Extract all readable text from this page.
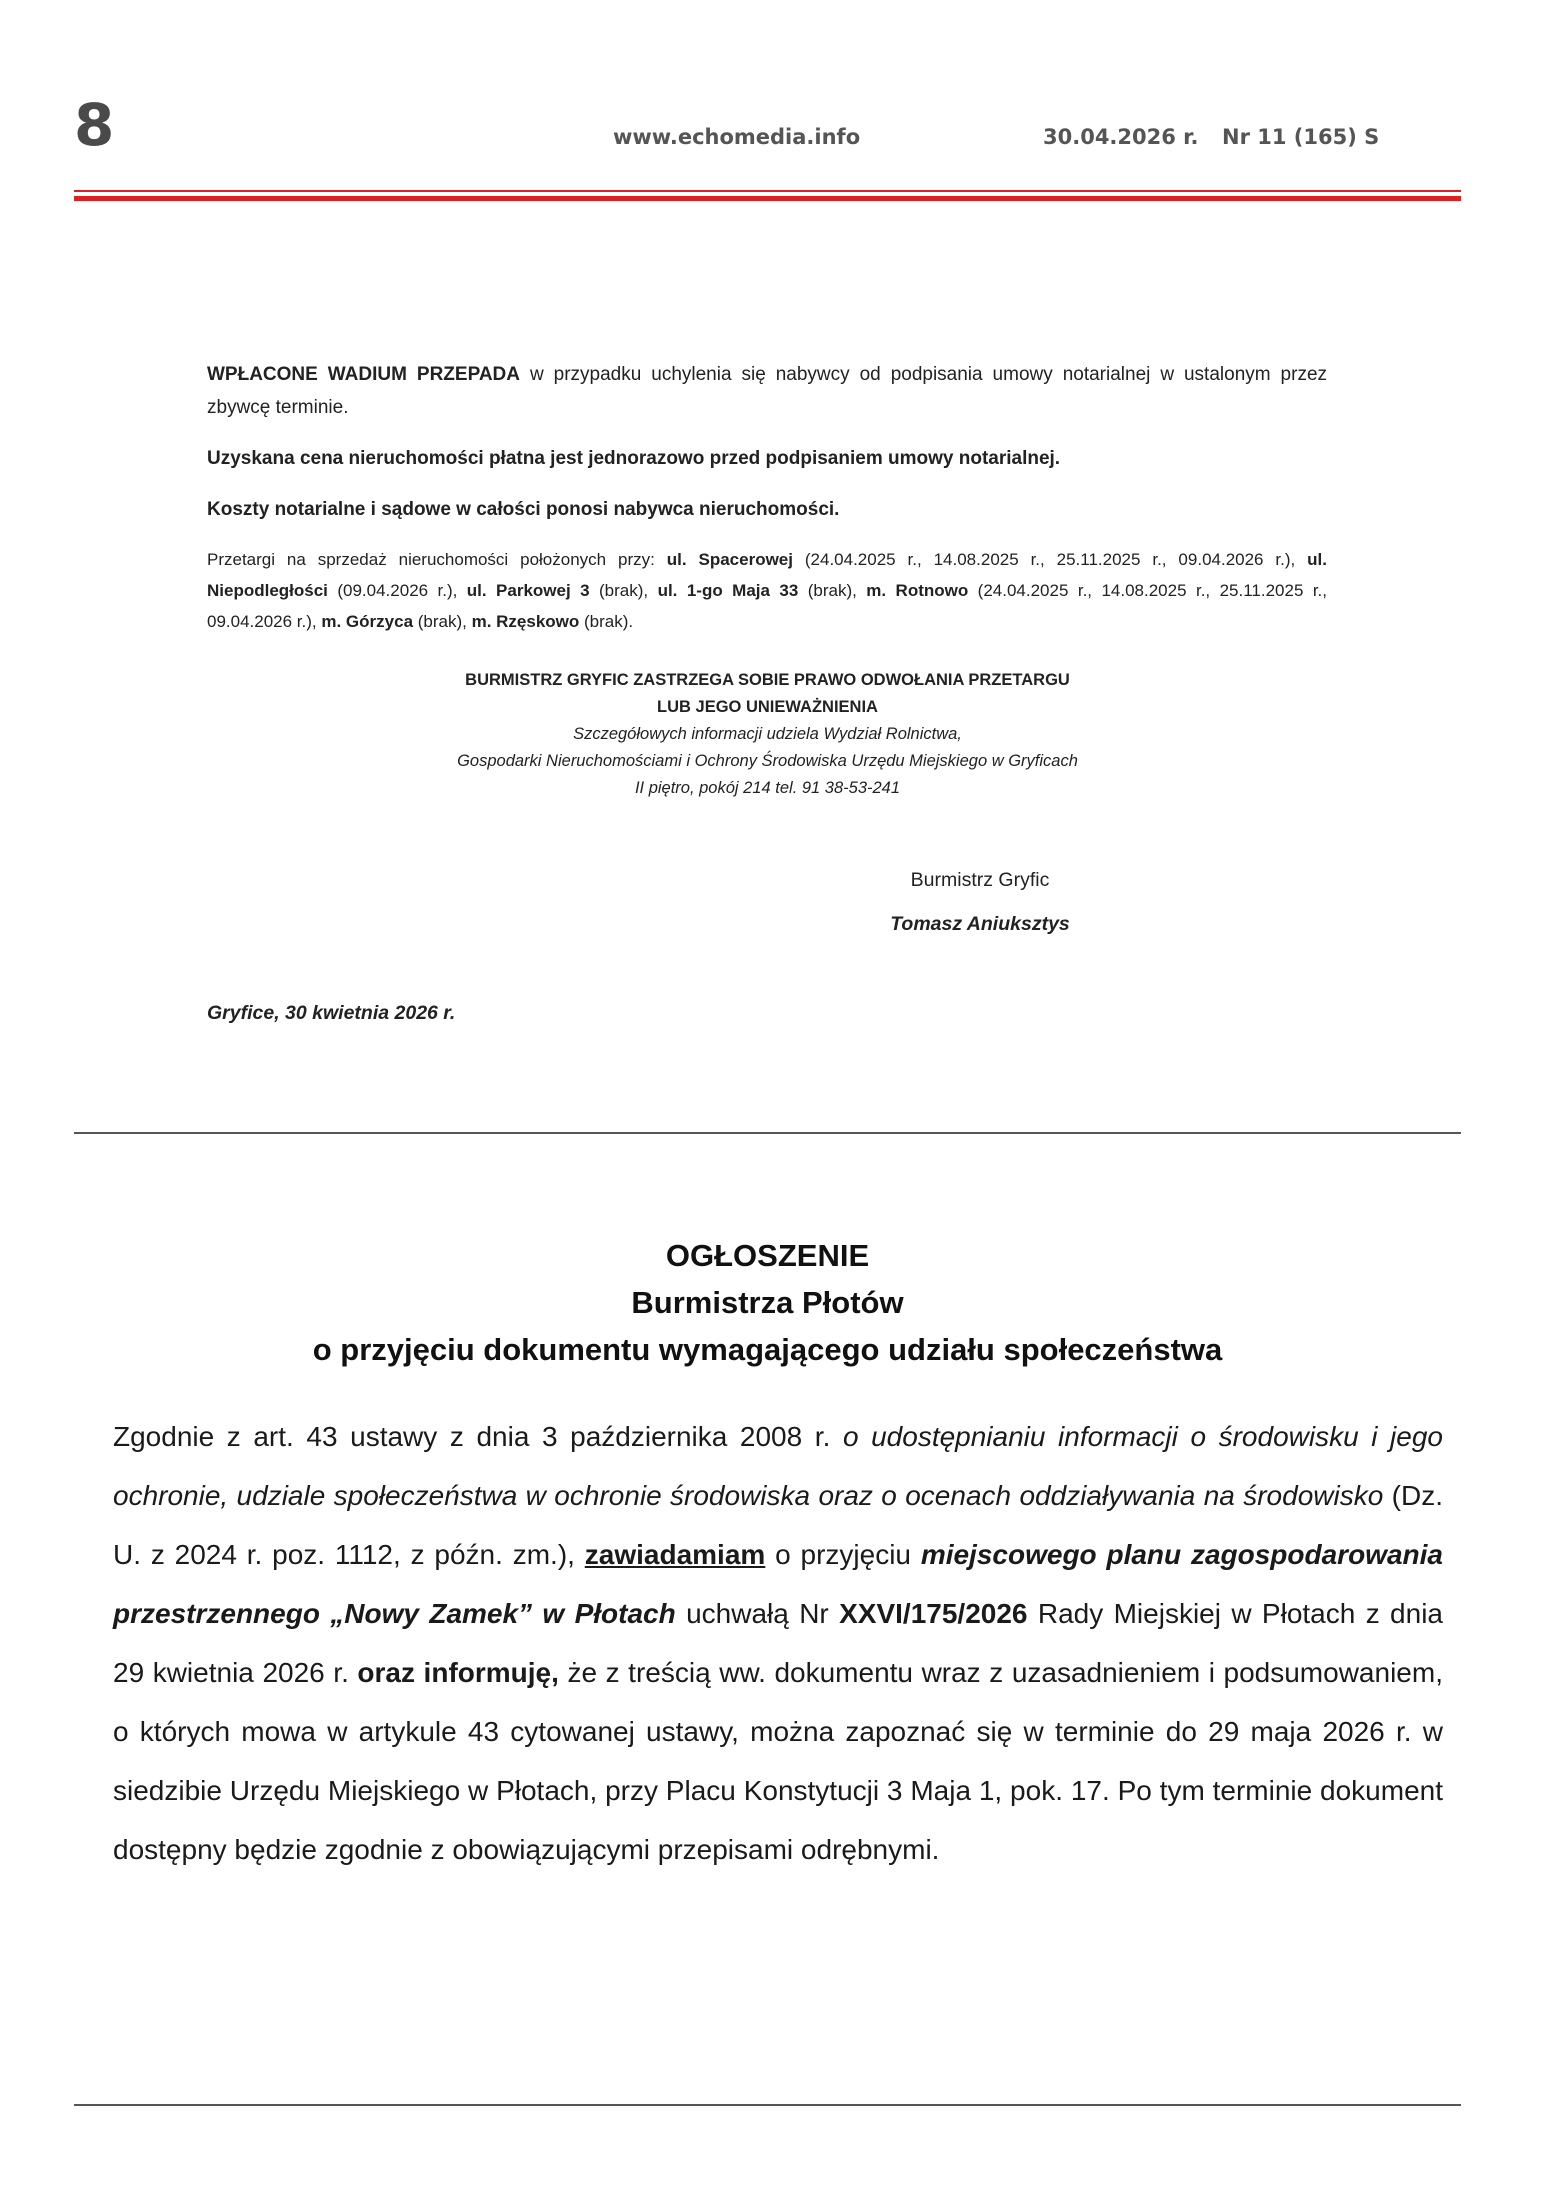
8	www.echomedia.info	30.04.2026 r. Nr 11 (165) S

WPŁACONE WADIUM PRZEPADA w przypadku uchylenia się nabywcy od podpisania umowy notarialnej w ustalonym przez zbywcę terminie.

Uzyskana cena nieruchomości płatna jest jednorazowo przed podpisaniem umowy notarialnej.

Koszty notarialne i sądowe w całości ponosi nabywca nieruchomości.

Przetargi na sprzedaż nieruchomości położonych przy: ul. Spacerowej (24.04.2025 r., 14.08.2025 r., 25.11.2025 r., 09.04.2026 r.), ul. Niepodległości (09.04.2026 r.), ul. Parkowej 3 (brak), ul. 1-go Maja 33 (brak), m. Rotnowo (24.04.2025 r., 14.08.2025 r., 25.11.2025 r., 09.04.2026 r.), m. Górzyca (brak), m. Rzęskowo (brak).

BURMISTRZ GRYFIC ZASTRZEGA SOBIE PRAWO ODWOŁANIA PRZETARGU

LUB JEGO UNIEWAŻNIENIA

Szczegółowych informacji udziela Wydział Rolnictwa,

Gospodarki Nieruchomościami i Ochrony Środowiska Urzędu Miejskiego w Gryficach

II piętro, pokój 214 tel. 91 38-53-241

Burmistrz Gryfic

Tomasz Aniuksztys

Gryfice, 30 kwietnia 2026 r.
OGŁOSZENIE
Burmistrza Płotów
o przyjęciu dokumentu wymagającego udziału społeczeństwa

Zgodnie z art. 43 ustawy z dnia 3 października 2008 r. o udostępnianiu informacji o środowisku i jego ochronie, udziale społeczeństwa w ochronie środowiska oraz o ocenach oddziaływania na środowisko (Dz. U. z 2024 r. poz. 1112, z późn. zm.), zawiadamiam o przyjęciu miejscowego planu zagospodarowania przestrzennego „Nowy Zamek” w Płotach uchwałą Nr XXVI/175/2026 Rady Miejskiej w Płotach z dnia 29 kwietnia 2026 r. oraz informuję, że z treścią ww. dokumentu wraz z uzasadnieniem i podsumowaniem, o których mowa w artykule 43 cytowanej ustawy, można zapoznać się w terminie do 29 maja 2026 r. w siedzibie Urzędu Miejskiego w Płotach, przy Placu Konstytucji 3 Maja 1, pok. 17. Po tym terminie dokument dostępny będzie zgodnie z obowiązującymi przepisami odrębnymi.
